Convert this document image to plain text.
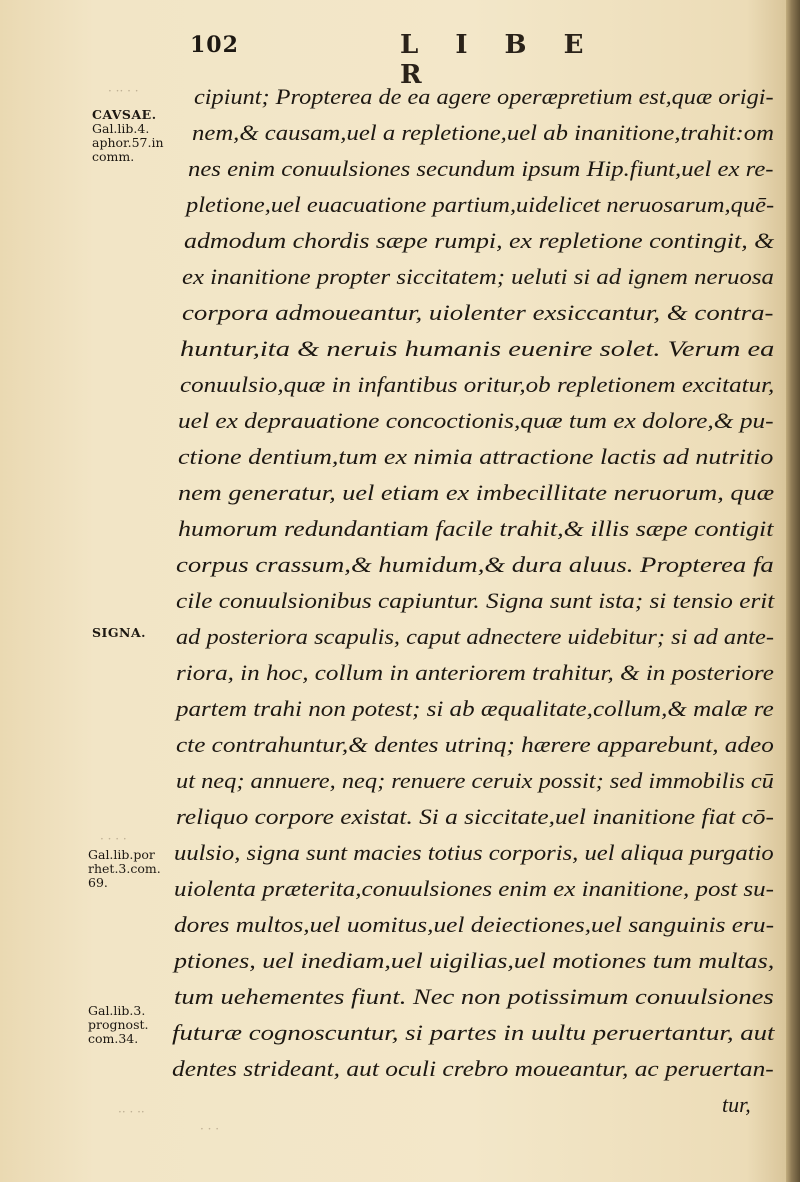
102	L I B E R
· ·· · ·
· · · ·
·· · ··
· · ·
CAVSAE.
Gal.lib.4.
aphor.57.in
comm.
SIGNA.
Gal.lib.por
rhet.3.com.
69.
Gal.lib.3.
prognost.
com.34.
cipiunt; Propterea de ea agere operæpretium est,quæ origi-
nem,& causam,uel a repletione,uel ab inanitione,trahit:om
nes enim conuulsiones secundum ipsum Hip.fiunt,uel ex re-
pletione,uel euacuatione partium,uidelicet neruosarum,quē-
admodum chordis sæpe rumpi, ex repletione contingit, &
ex inanitione propter siccitatem; ueluti si ad ignem neruosa
corpora admoueantur, uiolenter exsiccantur, & contra-
huntur,ita & neruis humanis euenire solet. Verum ea
conuulsio,quæ in infantibus oritur,ob repletionem excitatur,
uel ex deprauatione concoctionis,quæ tum ex dolore,& pu-
ctione dentium,tum ex nimia attractione lactis ad nutritio
nem generatur, uel etiam ex imbecillitate neruorum, quæ
humorum redundantiam facile trahit,& illis sæpe contigit
corpus crassum,& humidum,& dura aluus. Propterea fa
cile conuulsionibus capiuntur. Signa sunt ista; si tensio erit
ad posteriora scapulis, caput adnectere uidebitur; si ad ante-
riora, in hoc, collum in anteriorem trahitur, & in posteriore
partem trahi non potest; si ab æqualitate,collum,& malæ re
cte contrahuntur,& dentes utrinq; hærere apparebunt, adeo
ut neq; annuere, neq; renuere ceruix possit; sed immobilis cū
reliquo corpore existat. Si a siccitate,uel inanitione fiat cō-
uulsio, signa sunt macies totius corporis, uel aliqua purgatio
uiolenta præterita,conuulsiones enim ex inanitione, post su-
dores multos,uel uomitus,uel deiectiones,uel sanguinis eru-
ptiones, uel inediam,uel uigilias,uel motiones tum multas,
tum uehementes fiunt. Nec non potissimum conuulsiones
futuræ cognoscuntur, si partes in uultu peruertantur, aut
dentes strideant, aut oculi crebro moueantur, ac peruertan-
tur,
